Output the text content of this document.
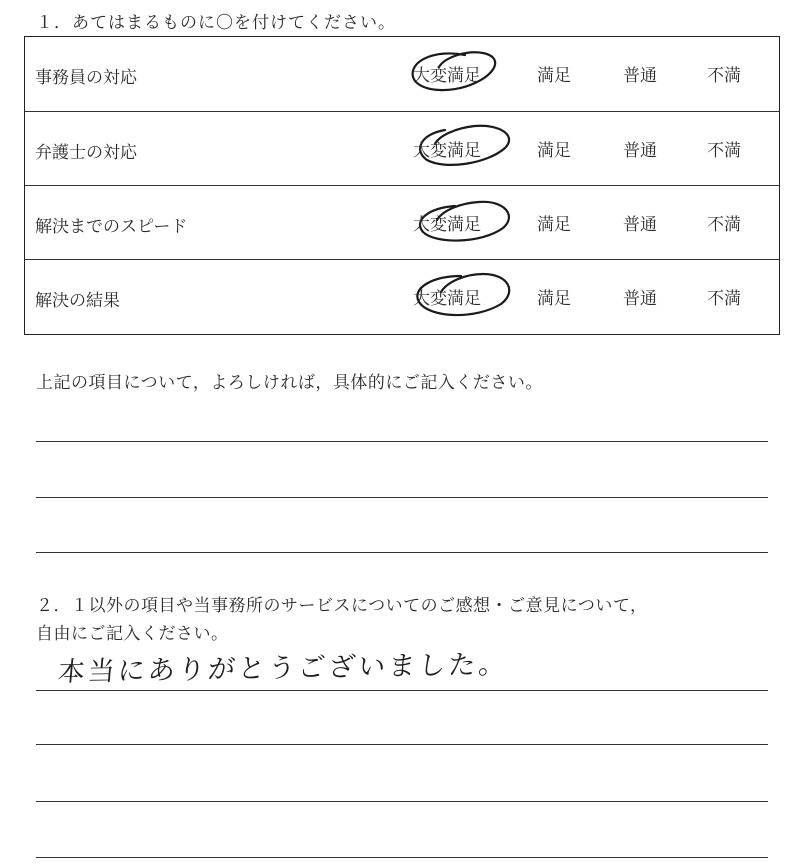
１．あてはまるものに〇を付けてください。
事務員の対応	大変満足	満足	普通	不満
弁護士の対応	大変満足	満足	普通	不満
解決までのスピード	大変満足	満足	普通	不満
解決の結果	大変満足	満足	普通	不満
上記の項目について，よろしければ，具体的にご記入ください。
２．１以外の項目や当事務所のサービスについてのご感想・ご意見について，
自由にご記入ください。
本当にありがとうございました。
